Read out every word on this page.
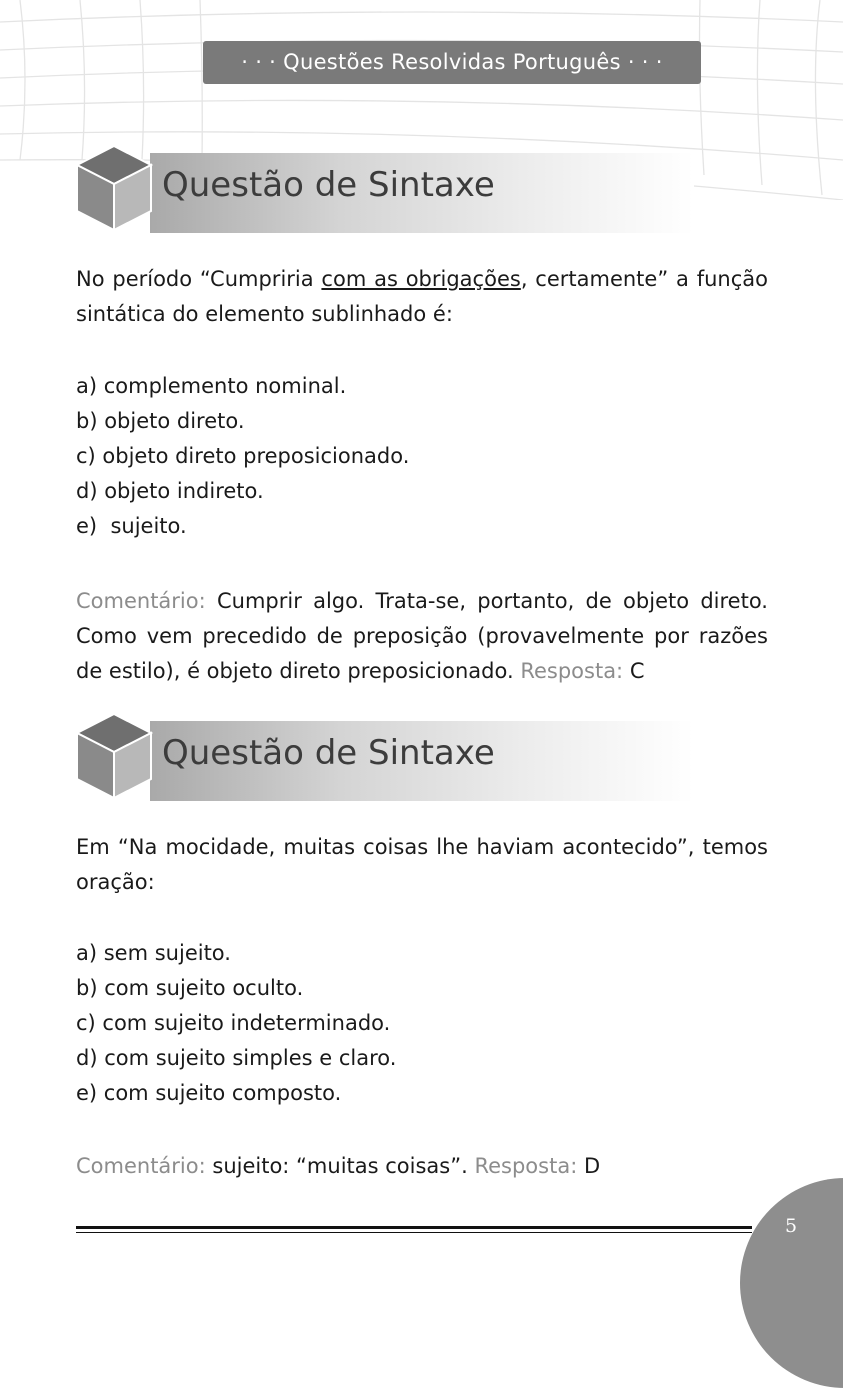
· · · Questões Resolvidas Português · · ·
Questão de Sintaxe

No período “Cumpriria com as obrigações, certamente” a função sintática do elemento sublinhado é:

a) complemento nominal.
b) objeto direto.
c) objeto direto preposicionado.
d) objeto indireto.
e)  sujeito.

Comentário: Cumprir algo. Trata-se, portanto, de objeto direto. Como vem precedido de preposição (provavelmente por razões de estilo), é objeto direto preposicionado. Resposta: C

Questão de Sintaxe

Em “Na mocidade, muitas coisas lhe haviam acontecido”, temos oração:

a) sem sujeito.
b) com sujeito oculto.
c) com sujeito indeterminado.
d) com sujeito simples e claro.
e) com sujeito composto.

Comentário: sujeito: “muitas coisas”. Resposta: D

5
